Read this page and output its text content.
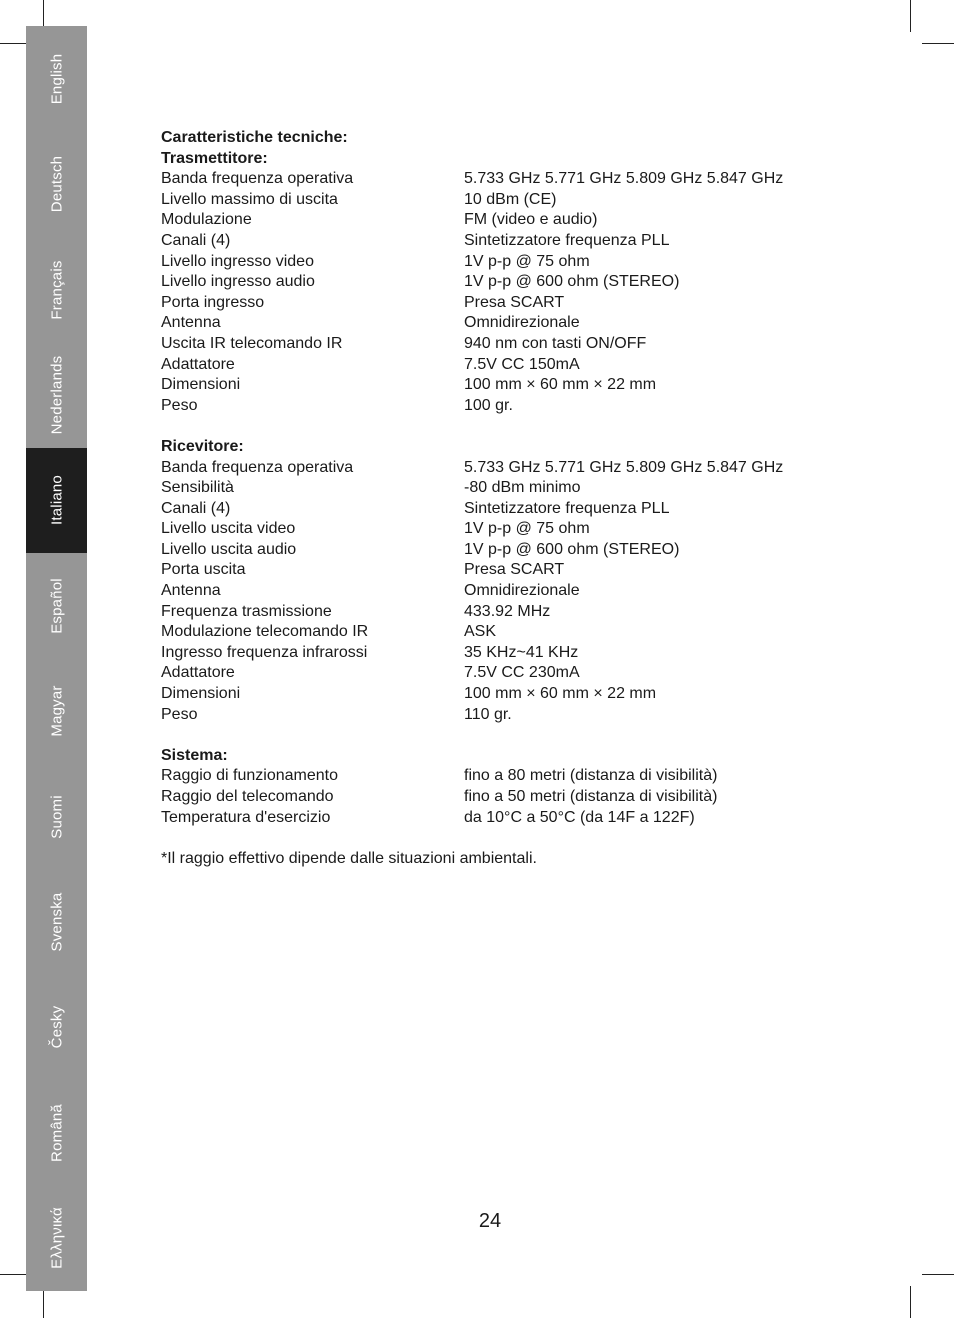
English
Deutsch
Français
Nederlands
Italiano
Español
Magyar
Suomi
Svenska
Česky
Română
Ελληνικά
Caratteristiche tecniche:
Trasmettitore:
Banda frequenza operativa	5.733 GHz 5.771 GHz 5.809 GHz 5.847 GHz
Livello massimo di uscita	10 dBm (CE)
Modulazione	FM (video e audio)
Canali (4)	Sintetizzatore frequenza PLL
Livello ingresso video	1V p-p @ 75 ohm
Livello ingresso audio	1V p-p @ 600 ohm (STEREO)
Porta ingresso	Presa SCART
Antenna	Omnidirezionale
Uscita IR telecomando IR	940 nm con tasti ON/OFF
Adattatore	7.5V CC 150mA
Dimensioni	100 mm × 60 mm × 22 mm
Peso	100 gr.
Ricevitore:
Banda frequenza operativa	5.733 GHz 5.771 GHz 5.809 GHz 5.847 GHz
Sensibilità	-80 dBm minimo
Canali (4)	Sintetizzatore frequenza PLL
Livello uscita video	1V p-p @ 75 ohm
Livello uscita audio	1V p-p @ 600 ohm (STEREO)
Porta uscita	Presa SCART
Antenna	Omnidirezionale
Frequenza trasmissione	433.92 MHz
Modulazione telecomando IR	ASK
Ingresso frequenza infrarossi	35 KHz~41 KHz
Adattatore	7.5V CC 230mA
Dimensioni	100 mm × 60 mm × 22 mm
Peso	110 gr.
Sistema:
Raggio di funzionamento	fino a 80 metri (distanza di visibilità)
Raggio del telecomando	fino a 50 metri (distanza di visibilità)
Temperatura d'esercizio	da 10°C a 50°C (da 14F a 122F)
*Il raggio effettivo dipende dalle situazioni ambientali.
24
